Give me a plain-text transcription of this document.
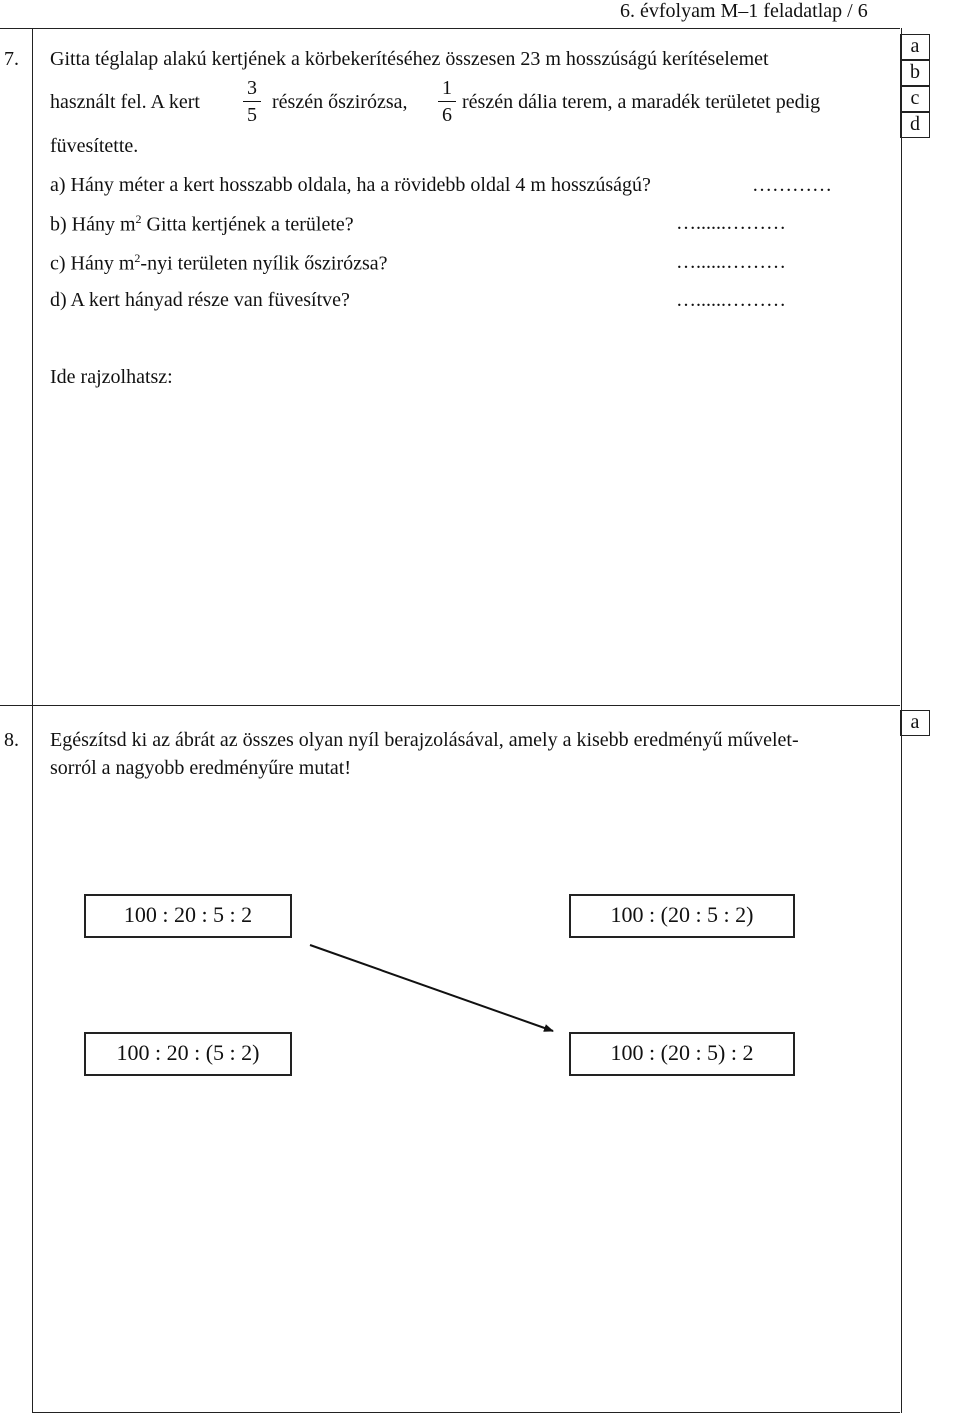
6. évfolyam M–1 feladatlap / 6
7. Gitta téglalap alakú kertjének a körbekerítéséhez összesen 23 m hosszúságú kerítéselemet
használt fel. A kert
3
5
részén őszirózsa,
1
6
részén dália terem, a maradék területet pedig
füvesítette.
a) Hány méter a kert hosszabb oldala, ha a rövidebb oldal 4 m hosszúságú?	…………
b) Hány $m^2$ Gitta kertjének a területe?	…......………
c) Hány $m^2$-nyi területen nyílik őszirózsa?	…......………
d) A kert hányad része van füvesítve?	…......………
Ide rajzolhatsz:
a
b
c
d
8. Egészítsd ki az ábrát az összes olyan nyíl berajzolásával, amely a kisebb eredményű művelet-
sorról a nagyobb eredményűre mutat!
a
100 : 20 : 5 : 2	100 : (20 : 5 : 2)
100 : 20 : (5 : 2)	100 : (20 : 5) : 2
